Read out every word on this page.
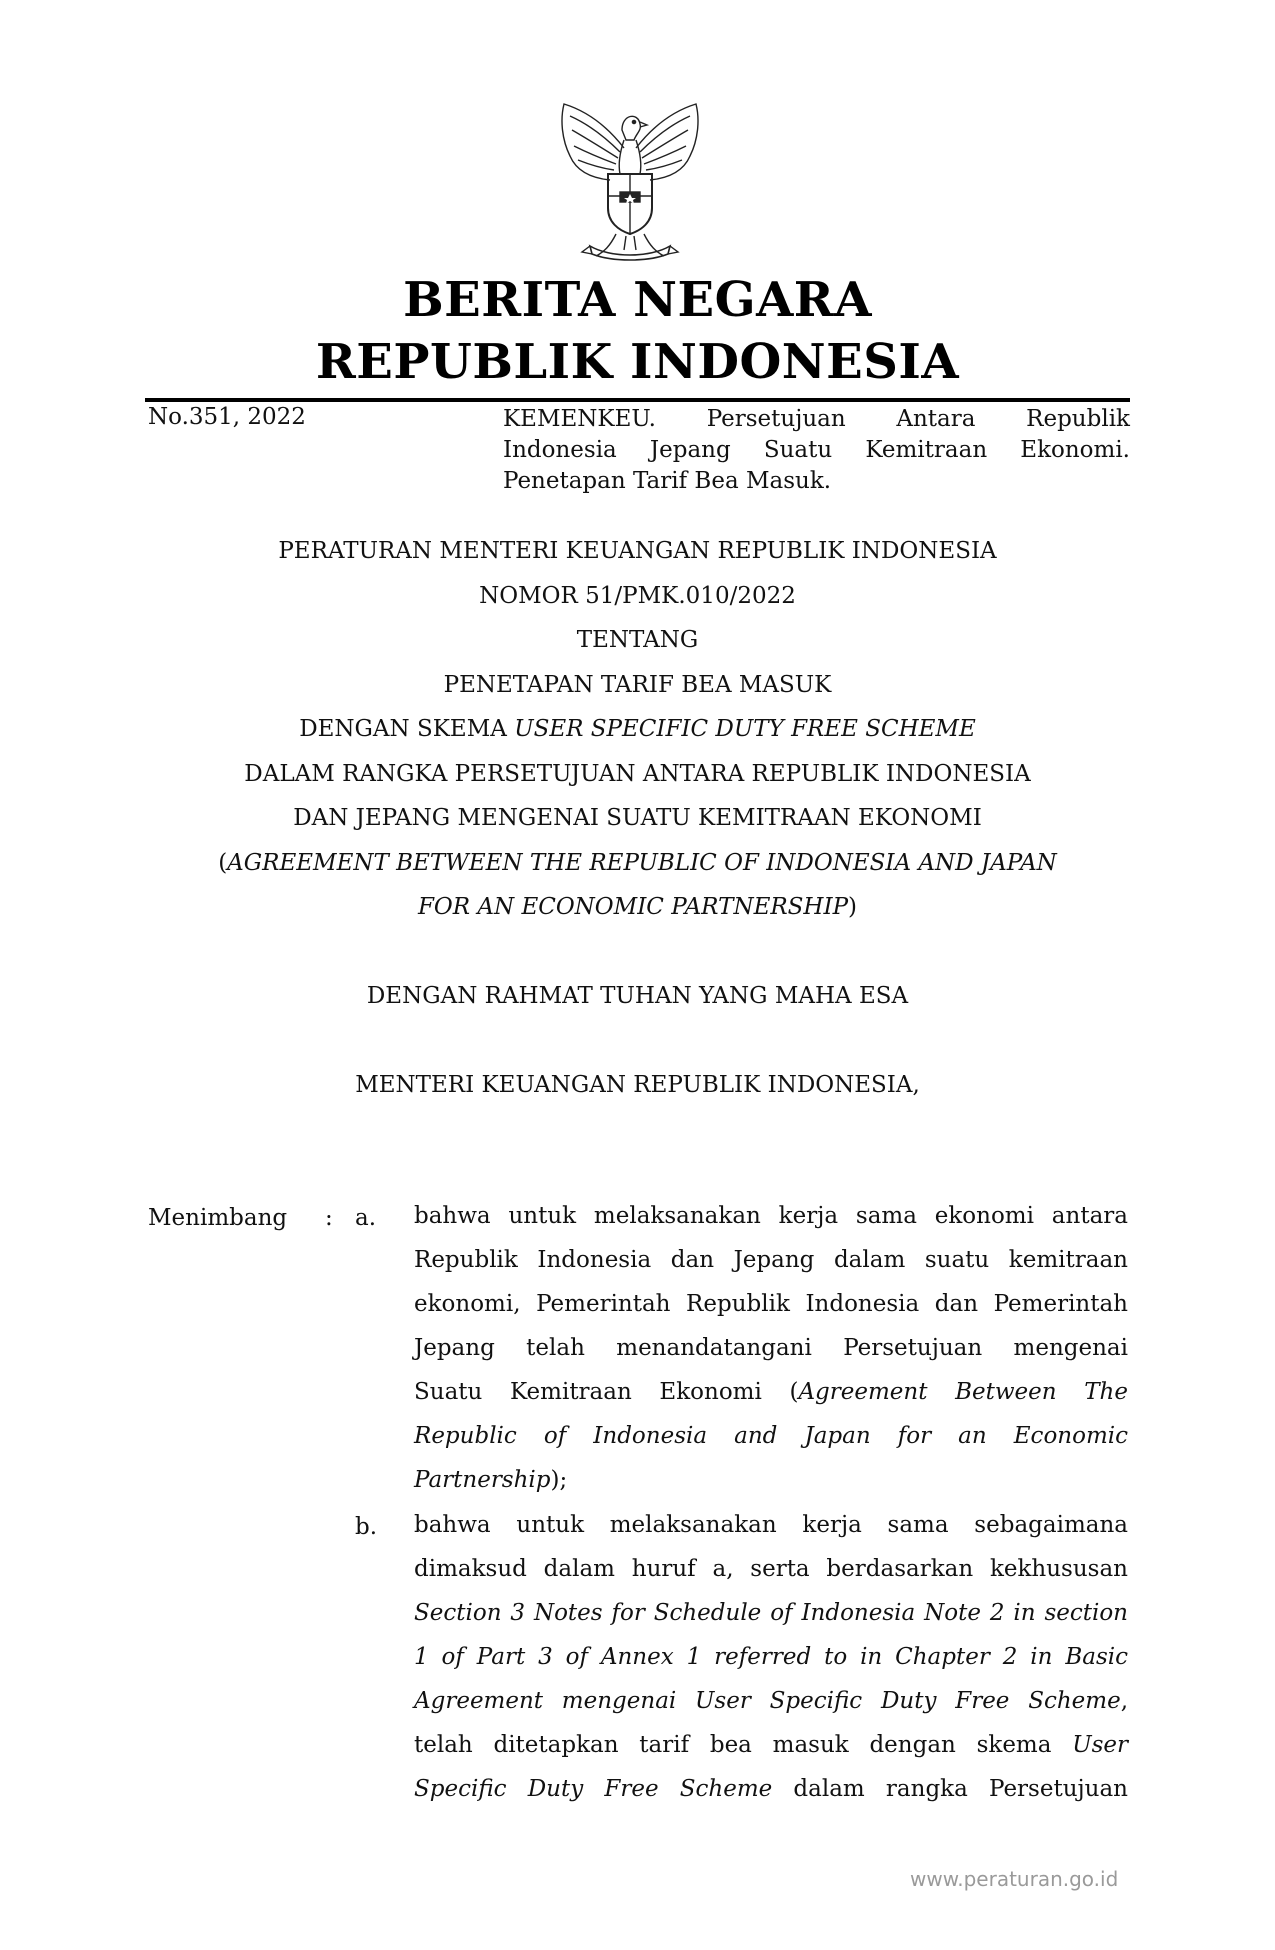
BERITA NEGARA
REPUBLIK INDONESIA
No.351, 2022	KEMENKEU. Persetujuan Antara Republik
Indonesia Jepang Suatu Kemitraan Ekonomi.
Penetapan Tarif Bea Masuk.
PERATURAN MENTERI KEUANGAN REPUBLIK INDONESIA
NOMOR 51/PMK.010/2022
TENTANG
PENETAPAN TARIF BEA MASUK
DENGAN SKEMA USER SPECIFIC DUTY FREE SCHEME
DALAM RANGKA PERSETUJUAN ANTARA REPUBLIK INDONESIA
DAN JEPANG MENGENAI SUATU KEMITRAAN EKONOMI
(AGREEMENT BETWEEN THE REPUBLIC OF INDONESIA AND JAPAN
FOR AN ECONOMIC PARTNERSHIP)
DENGAN RAHMAT TUHAN YANG MAHA ESA
MENTERI KEUANGAN REPUBLIK INDONESIA,
Menimbang : a. bahwa untuk melaksanakan kerja sama ekonomi antara
Republik Indonesia dan Jepang dalam suatu kemitraan
ekonomi, Pemerintah Republik Indonesia dan Pemerintah
Jepang telah menandatangani Persetujuan mengenai
Suatu Kemitraan Ekonomi (Agreement Between The
Republic of Indonesia and Japan for an Economic
Partnership);
b. bahwa untuk melaksanakan kerja sama sebagaimana
dimaksud dalam huruf a, serta berdasarkan kekhususan
Section 3 Notes for Schedule of Indonesia Note 2 in section
1 of Part 3 of Annex 1 referred to in Chapter 2 in Basic
Agreement mengenai User Specific Duty Free Scheme,
telah ditetapkan tarif bea masuk dengan skema User
Specific Duty Free Scheme dalam rangka Persetujuan
www.peraturan.go.id
